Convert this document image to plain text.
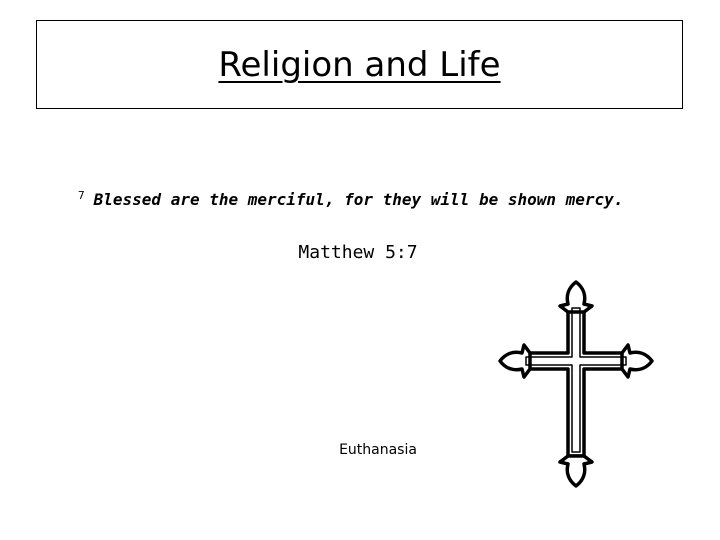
Religion and Life
$^7$ Blessed are the merciful, for they will be shown mercy.
Matthew 5:7
Euthanasia
